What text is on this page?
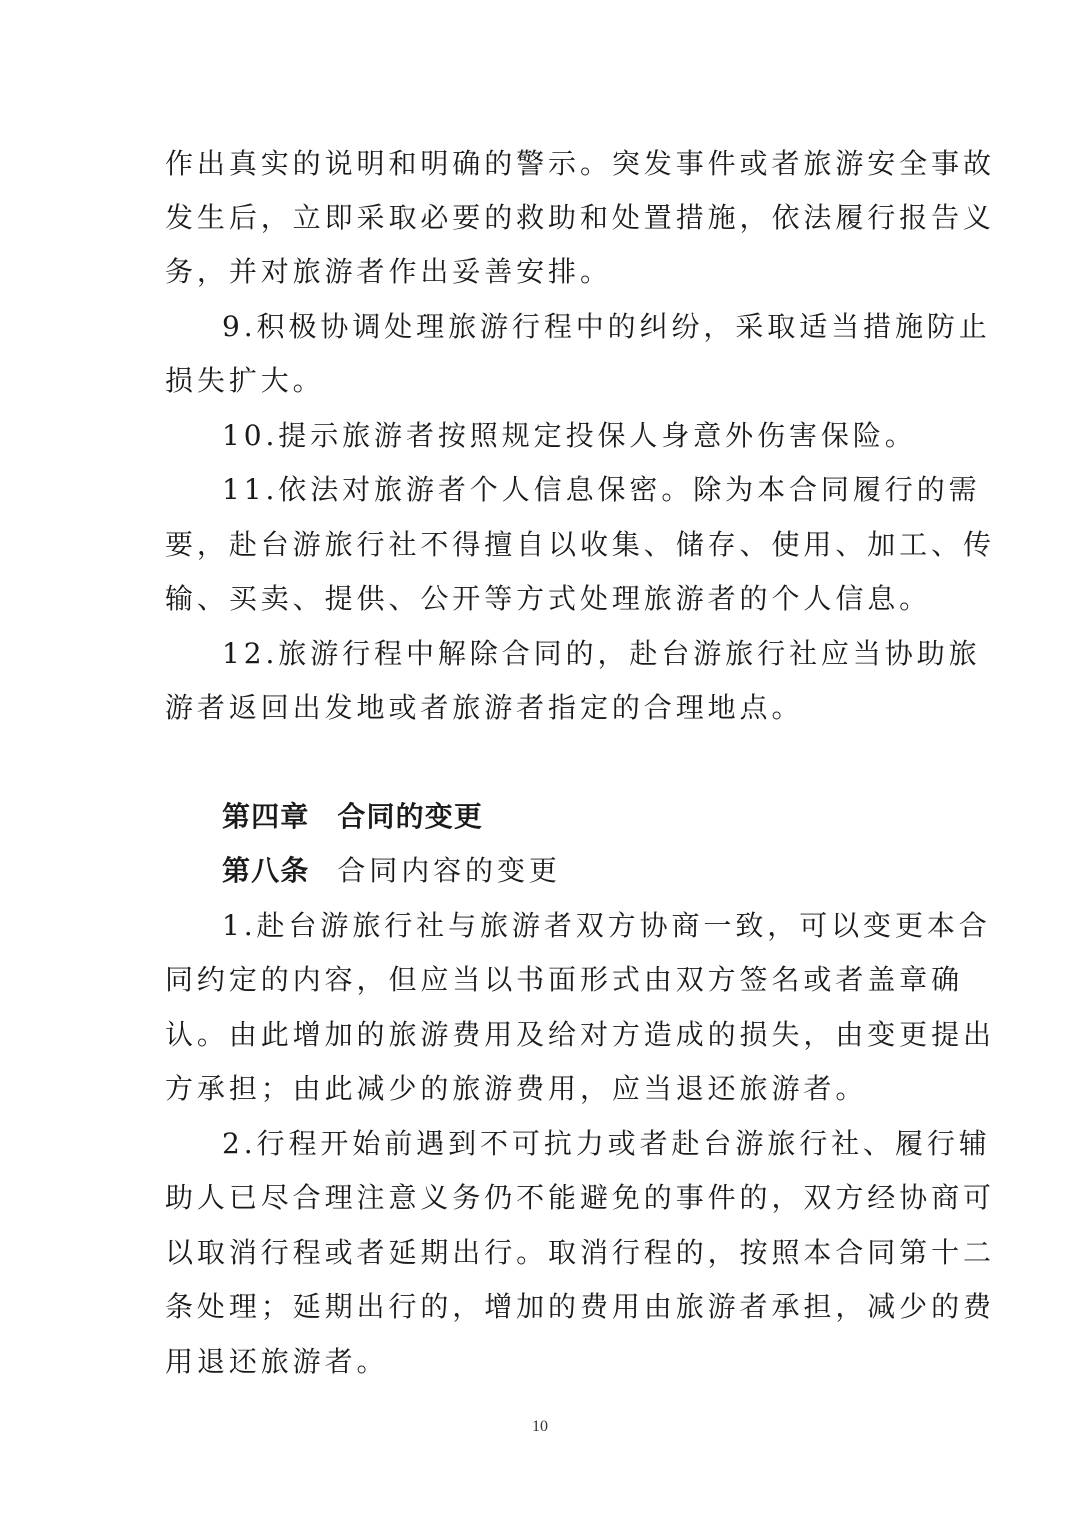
作出真实的说明和明确的警示。突发事件或者旅游安全事故
发生后，立即采取必要的救助和处置措施，依法履行报告义
务，并对旅游者作出妥善安排。
9.积极协调处理旅游行程中的纠纷，采取适当措施防止
损失扩大。
10.提示旅游者按照规定投保人身意外伤害保险。
11.依法对旅游者个人信息保密。除为本合同履行的需
要，赴台游旅行社不得擅自以收集、储存、使用、加工、传
输、买卖、提供、公开等方式处理旅游者的个人信息。
12.旅游行程中解除合同的，赴台游旅行社应当协助旅
游者返回出发地或者旅游者指定的合理地点。
第四章 合同的变更
第八条 合同内容的变更
1.赴台游旅行社与旅游者双方协商一致，可以变更本合
同约定的内容，但应当以书面形式由双方签名或者盖章确
认。由此增加的旅游费用及给对方造成的损失，由变更提出
方承担；由此减少的旅游费用，应当退还旅游者。
2.行程开始前遇到不可抗力或者赴台游旅行社、履行辅
助人已尽合理注意义务仍不能避免的事件的，双方经协商可
以取消行程或者延期出行。取消行程的，按照本合同第十二
条处理；延期出行的，增加的费用由旅游者承担，减少的费
用退还旅游者。
10
